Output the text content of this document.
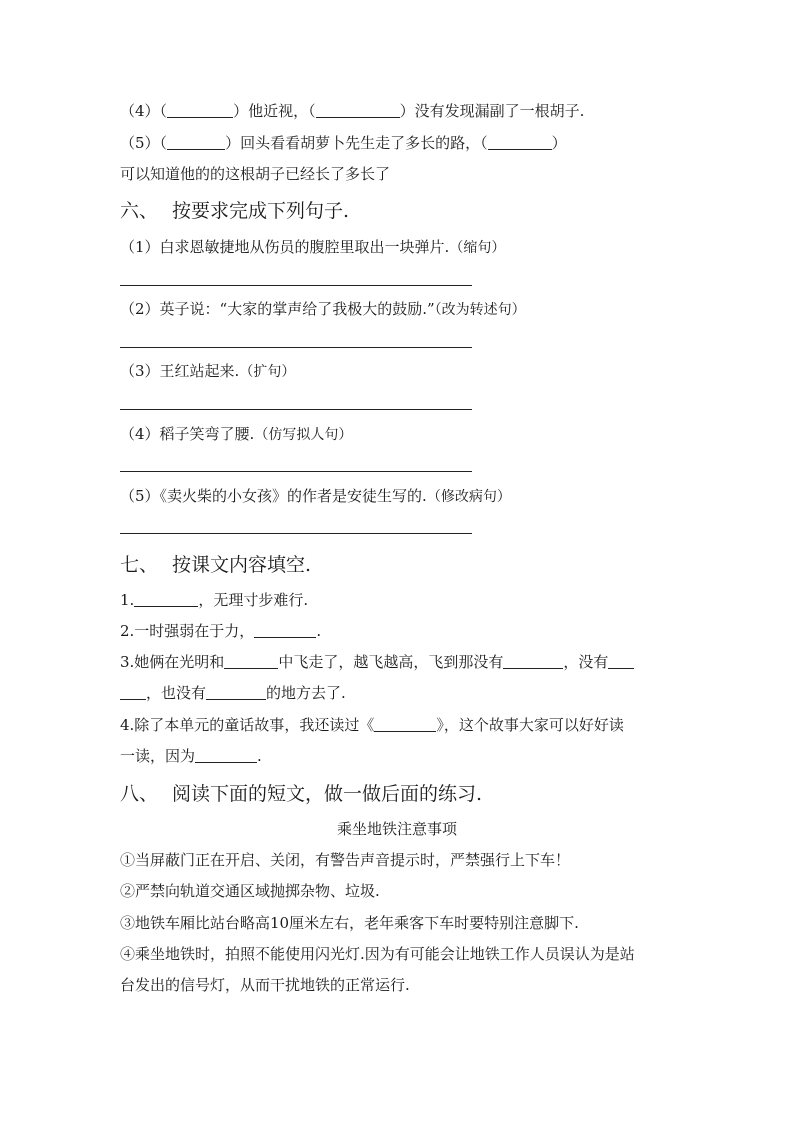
（4）（	）他近视，（	）没有发现漏副了一根胡子.
（5）（	）回头看看胡萝卜先生走了多长的路，（	）
可以知道他的的这根胡子已经长了多长了
六、 按要求完成下列句子.
（1）白求恩敏捷地从伤员的腹腔里取出一块弹片.（缩句）
（2）英子说：“大家的掌声给了我极大的鼓励.”（改为转述句）
（3）王红站起来.（扩句）
（4）稻子笑弯了腰.（仿写拟人句）
（5）《卖火柴的小女孩》的作者是安徒生写的.（修改病句）
七、 按课文内容填空.
1.	，无理寸步难行.
2.一时强弱在于力，	.
3.她俩在光明和	中飞走了，越飞越高，飞到那没有	，没有
，也没有	的地方去了.
4.除了本单元的童话故事，我还读过《	》，这个故事大家可以好好读
一读，因为	.
八、 阅读下面的短文，做一做后面的练习.
乘坐地铁注意事项
①当屏蔽门正在开启、关闭，有警告声音提示时，严禁强行上下车！
②严禁向轨道交通区域抛掷杂物、垃圾.
③地铁车厢比站台略高10厘米左右，老年乘客下车时要特别注意脚下.
④乘坐地铁时，拍照不能使用闪光灯.因为有可能会让地铁工作人员误认为是站
台发出的信号灯，从而干扰地铁的正常运行.
